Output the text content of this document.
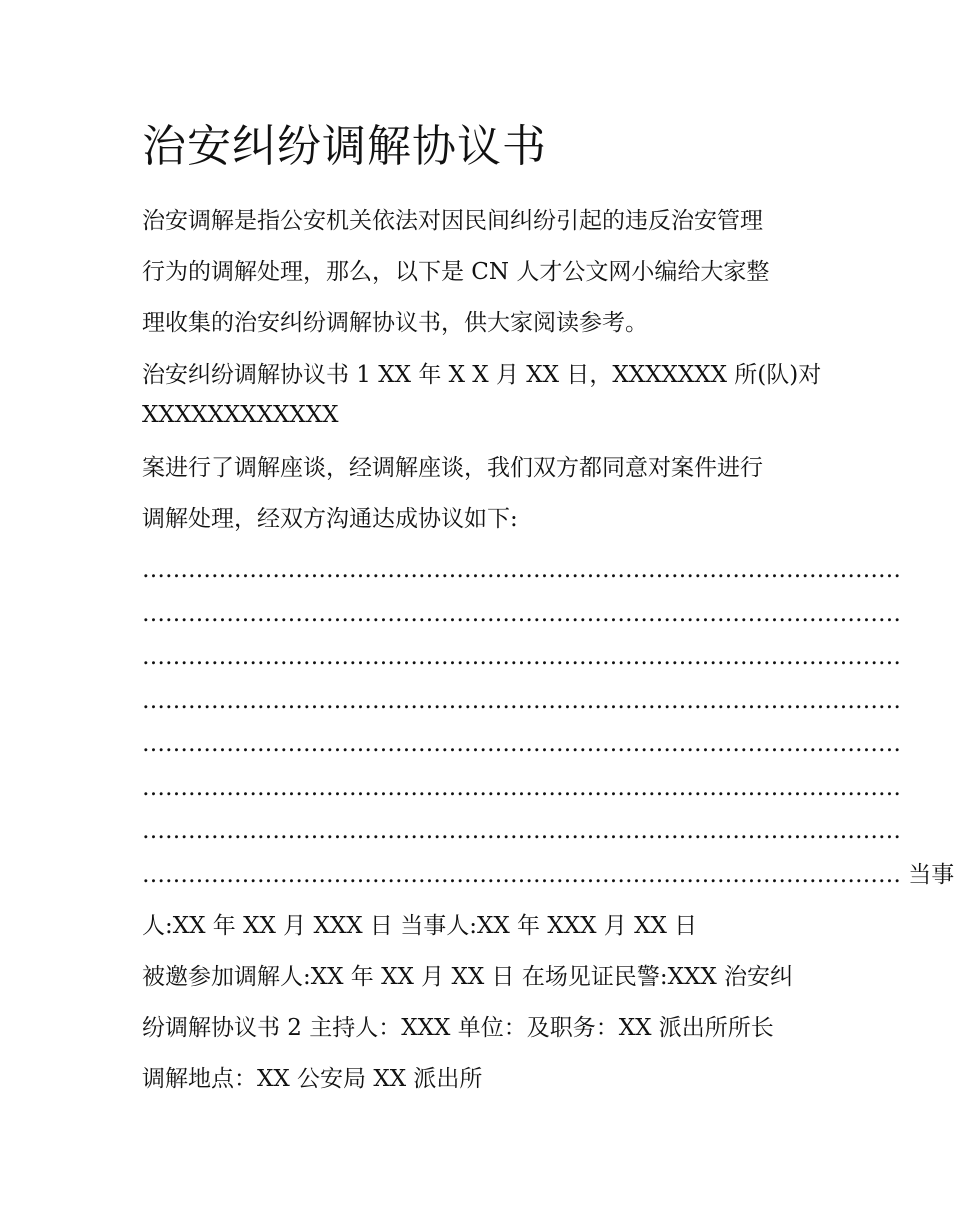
治安纠纷调解协议书

治安调解是指公安机关依法对因民间纠纷引起的违反治安管理

行为的调解处理，那么，以下是 CN 人才公文网小编给大家整

理收集的治安纠纷调解协议书，供大家阅读参考。

治安纠纷调解协议书 1 XX 年 X X 月 XX 日，XXXXXXX 所(队)对

XXXXXXXXXXXX

案进行了调解座谈，经调解座谈，我们双方都同意对案件进行

调解处理，经双方沟通达成协议如下:

………………………………………………………………………………………

………………………………………………………………………………………

………………………………………………………………………………………

………………………………………………………………………………………

………………………………………………………………………………………

………………………………………………………………………………………

………………………………………………………………………………………

……………………………………………………………………………………… 当事

人:XX 年 XX 月 XXX 日 当事人:XX 年 XXX 月 XX 日

被邀参加调解人:XX 年 XX 月 XX 日 在场见证民警:XXX 治安纠

纷调解协议书 2 主持人：XXX 单位：及职务：XX 派出所所长

调解地点：XX 公安局 XX 派出所
